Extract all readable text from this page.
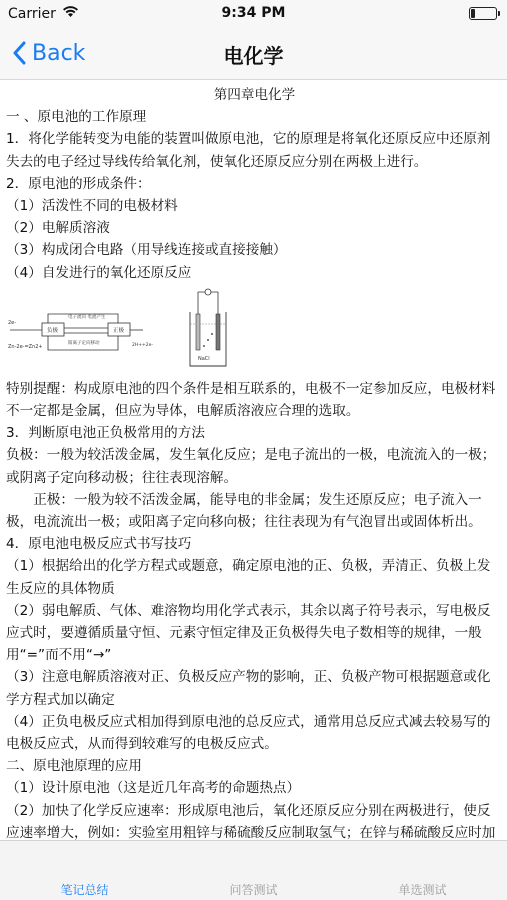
Carrier	9:34 PM
Back	电化学

第四章电化学

一 、原电池的工作原理

1．将化学能转变为电能的装置叫做原电池，它的原理是将氧化还原反应中还原剂失去的电子经过导线传给氧化剂，使氧化还原反应分别在两极上进行。

2．原电池的形成条件：

（1）活泼性不同的电极材料

（2）电解质溶液

（3）构成闭合电路（用导线连接或直接接触）

（4）自发进行的氧化还原反应

2e-
Zn-2e-=Zn2+
负极
电子流向 电流产生
阳离子定向移动
正极
2H++2e-
NaCl

特别提醒：构成原电池的四个条件是相互联系的，电极不一定参加反应，电极材料不一定都是金属，但应为导体，电解质溶液应合理的选取。

3．判断原电池正负极常用的方法

负极：一般为较活泼金属，发生氧化反应；是电子流出的一极，电流流入的一极；或阴离子定向移动极；往往表现溶解。

正极：一般为较不活泼金属，能导电的非金属；发生还原反应；电子流入一极，电流流出一极；或阳离子定向移向极；往往表现为有气泡冒出或固体析出。

4．原电池电极反应式书写技巧

（1）根据给出的化学方程式或题意，确定原电池的正、负极，弄清正、负极上发生反应的具体物质

（2）弱电解质、气体、难溶物均用化学式表示，其余以离子符号表示，写电极反应式时，要遵循质量守恒、元素守恒定律及正负极得失电子数相等的规律，一般用“=”而不用“→”

（3）注意电解质溶液对正、负极反应产物的影响，正、负极产物可根据题意或化学方程式加以确定

（4）正负电极反应式相加得到原电池的总反应式，通常用总反应式减去较易写的电极反应式，从而得到较难写的电极反应式。

二、原电池原理的应用

（1）设计原电池（这是近几年高考的命题热点）

（2）加快了化学反应速率：形成原电池后，氧化还原反应分别在两极进行，使反应速率增大，例如：实验室用粗锌与稀硫酸反应制取氢气；在锌与稀硫酸反应时加

笔记总结	问答测试	单选测试
